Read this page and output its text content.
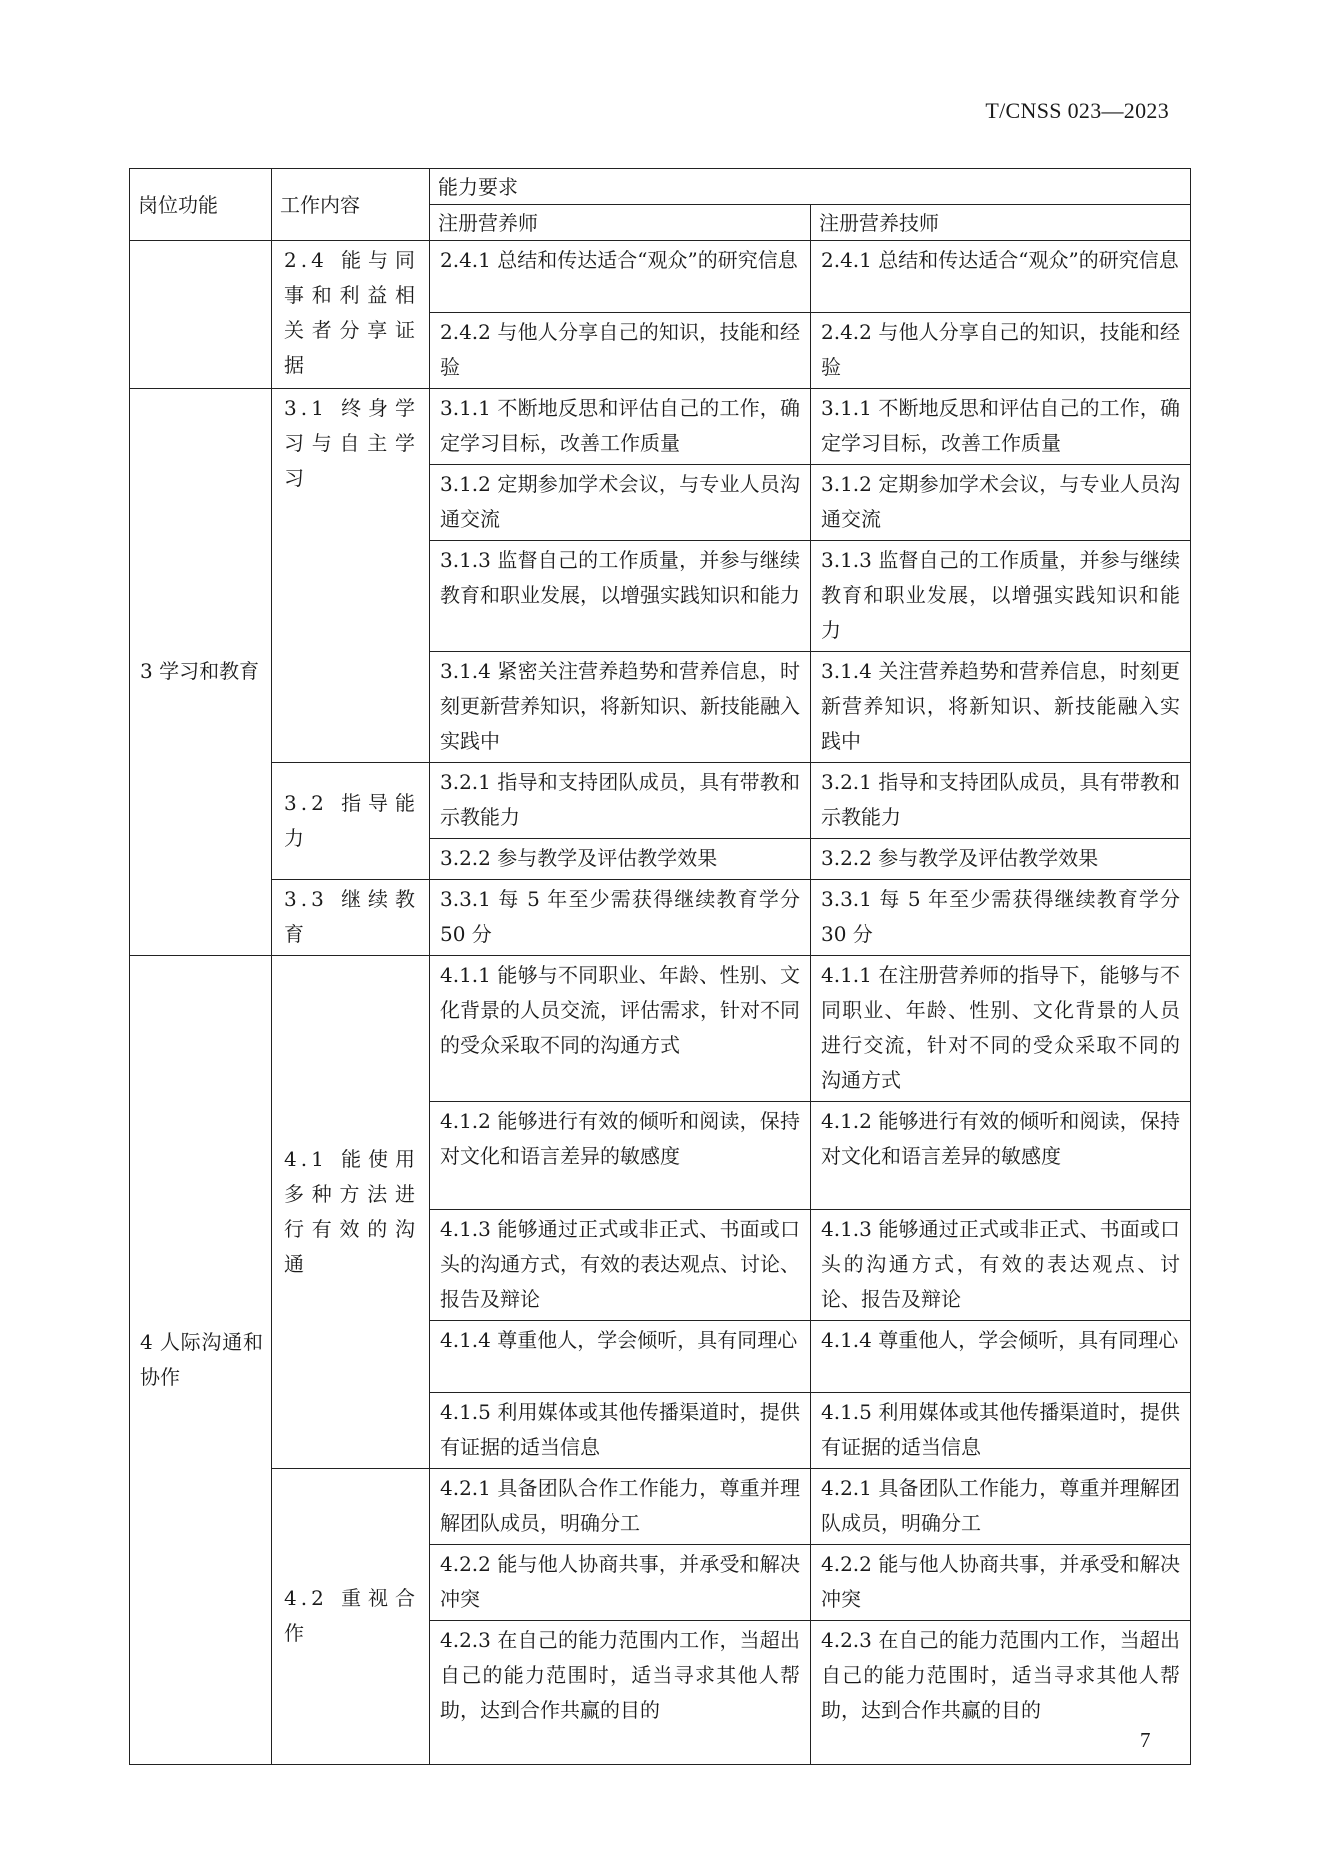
T/CNSS 023—2023
岗位功能	工作内容	能力要求	
		注册营养师	注册营养技师
	2.4 能与同事和利益相关者分享证据	2.4.1 总结和传达适合“观众”的研究信息	2.4.1 总结和传达适合“观众”的研究信息
		2.4.2 与他人分享自己的知识，技能和经验	2.4.2 与他人分享自己的知识，技能和经验
3 学习和教育	3.1 终身学习与自主学习	3.1.1 不断地反思和评估自己的工作，确定学习目标，改善工作质量	3.1.1 不断地反思和评估自己的工作，确定学习目标，改善工作质量
		3.1.2 定期参加学术会议，与专业人员沟通交流	3.1.2 定期参加学术会议，与专业人员沟通交流
		3.1.3 监督自己的工作质量，并参与继续教育和职业发展，以增强实践知识和能力	3.1.3 监督自己的工作质量，并参与继续教育和职业发展，以增强实践知识和能力
		3.1.4 紧密关注营养趋势和营养信息，时刻更新营养知识，将新知识、新技能融入实践中	3.1.4 关注营养趋势和营养信息，时刻更新营养知识，将新知识、新技能融入实践中
	3.2 指导能力	3.2.1 指导和支持团队成员，具有带教和示教能力	3.2.1 指导和支持团队成员，具有带教和示教能力
		3.2.2 参与教学及评估教学效果	3.2.2 参与教学及评估教学效果
	3.3 继续教育	3.3.1 每 5 年至少需获得继续教育学分 50 分	3.3.1 每 5 年至少需获得继续教育学分 30 分
4 人际沟通和协作	4.1 能使用多种方法进行有效的沟通	4.1.1 能够与不同职业、年龄、性别、文化背景的人员交流，评估需求，针对不同的受众采取不同的沟通方式	4.1.1 在注册营养师的指导下，能够与不同职业、年龄、性别、文化背景的人员进行交流，针对不同的受众采取不同的沟通方式
		4.1.2 能够进行有效的倾听和阅读，保持对文化和语言差异的敏感度	4.1.2 能够进行有效的倾听和阅读，保持对文化和语言差异的敏感度
		4.1.3 能够通过正式或非正式、书面或口头的沟通方式，有效的表达观点、讨论、报告及辩论	4.1.3 能够通过正式或非正式、书面或口头的沟通方式，有效的表达观点、讨论、报告及辩论
		4.1.4 尊重他人，学会倾听，具有同理心	4.1.4 尊重他人，学会倾听，具有同理心
		4.1.5 利用媒体或其他传播渠道时，提供有证据的适当信息	4.1.5 利用媒体或其他传播渠道时，提供有证据的适当信息
	4.2 重视合作	4.2.1 具备团队合作工作能力，尊重并理解团队成员，明确分工	4.2.1 具备团队工作能力，尊重并理解团队成员，明确分工
		4.2.2 能与他人协商共事，并承受和解决冲突	4.2.2 能与他人协商共事，并承受和解决冲突
		4.2.3 在自己的能力范围内工作，当超出自己的能力范围时，适当寻求其他人帮助，达到合作共赢的目的	4.2.3 在自己的能力范围内工作，当超出自己的能力范围时，适当寻求其他人帮助，达到合作共赢的目的
7
